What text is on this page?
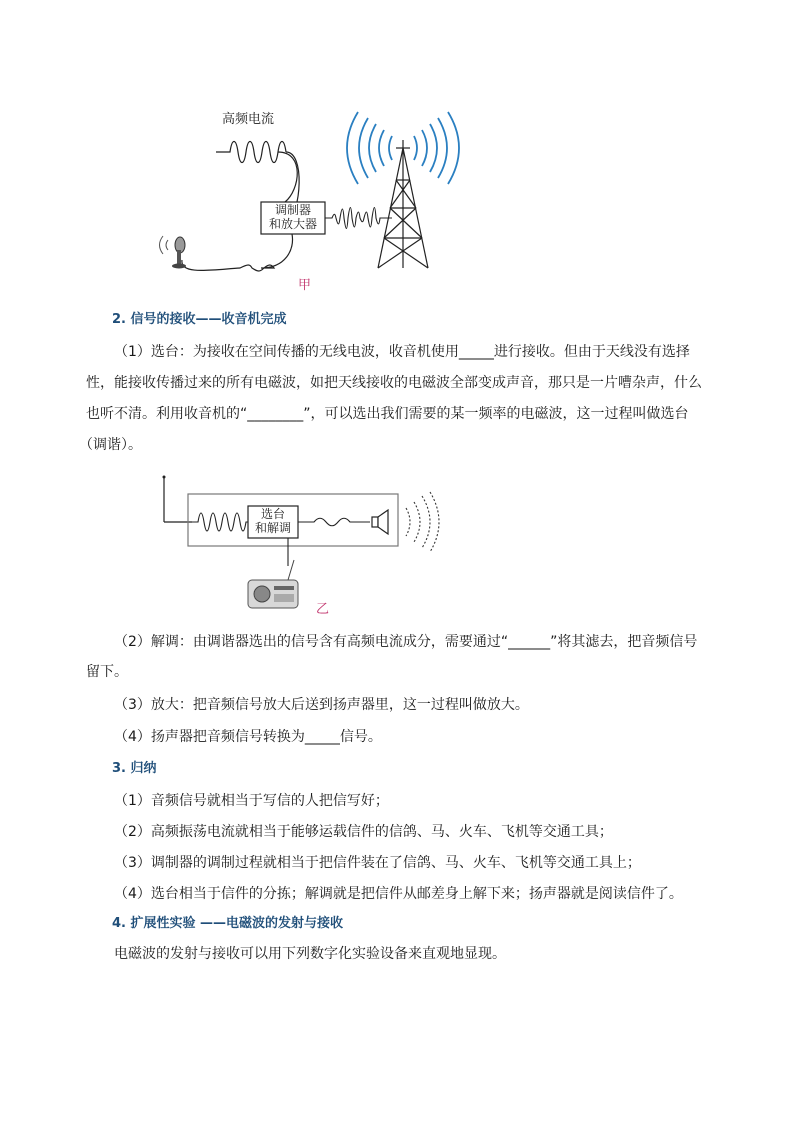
高频电流
调制器
和放大器
甲
2. 信号的接收——收音机完成
（1）选台：为接收在空间传播的无线电波，收音机使用_____进行接收。但由于天线没有选择
性，能接收传播过来的所有电磁波，如把天线接收的电磁波全部变成声音，那只是一片嘈杂声，什么
也听不清。利用收音机的“________”，可以选出我们需要的某一频率的电磁波，这一过程叫做选台
（调谐）。
选台
和解调
乙
（2）解调：由调谐器选出的信号含有高频电流成分，需要通过“______”将其滤去，把音频信号
留下。
（3）放大：把音频信号放大后送到扬声器里，这一过程叫做放大。
（4）扬声器把音频信号转换为_____信号。
3. 归纳
（1）音频信号就相当于写信的人把信写好；
（2）高频振荡电流就相当于能够运载信件的信鸽、马、火车、飞机等交通工具；
（3）调制器的调制过程就相当于把信件装在了信鸽、马、火车、飞机等交通工具上；
（4）选台相当于信件的分拣；解调就是把信件从邮差身上解下来；扬声器就是阅读信件了。
4. 扩展性实验 ——电磁波的发射与接收
电磁波的发射与接收可以用下列数字化实验设备来直观地显现。
